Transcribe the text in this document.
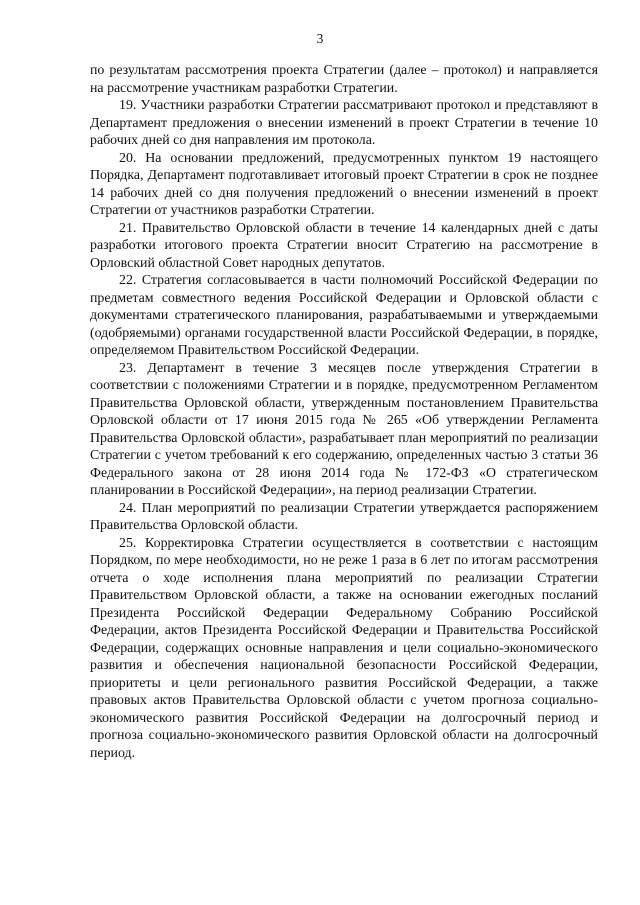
3

по результатам рассмотрения проекта Стратегии (далее – протокол) и направляется на рассмотрение участникам разработки Стратегии.

19. Участники разработки Стратегии рассматривают протокол и представляют в Департамент предложения о внесении изменений в проект Стратегии в течение 10 рабочих дней со дня направления им протокола.

20. На основании предложений, предусмотренных пунктом 19 настоящего Порядка, Департамент подготавливает итоговый проект Стратегии в срок не позднее 14 рабочих дней со дня получения предложений о внесении изменений в проект Стратегии от участников разработки Стратегии.

21. Правительство Орловской области в течение 14 календарных дней с даты разработки итогового проекта Стратегии вносит Стратегию на рассмотрение в Орловский областной Совет народных депутатов.

22. Стратегия согласовывается в части полномочий Российской Федерации по предметам совместного ведения Российской Федерации и Орловской области с документами стратегического планирования, разрабатываемыми и утверждаемыми (одобряемыми) органами государственной власти Российской Федерации, в порядке, определяемом Правительством Российской Федерации.

23. Департамент в течение 3 месяцев после утверждения Стратегии в соответствии с положениями Стратегии и в порядке, предусмотренном Регламентом Правительства Орловской области, утвержденным постановлением Правительства Орловской области от 17 июня 2015 года № 265 «Об утверждении Регламента Правительства Орловской области», разрабатывает план мероприятий по реализации Стратегии с учетом требований к его содержанию, определенных частью 3 статьи 36 Федерального закона от 28 июня 2014 года № 172-ФЗ «О стратегическом планировании в Российской Федерации», на период реализации Стратегии.

24. План мероприятий по реализации Стратегии утверждается распоряжением Правительства Орловской области.

25. Корректировка Стратегии осуществляется в соответствии с настоящим Порядком, по мере необходимости, но не реже 1 раза в 6 лет по итогам рассмотрения отчета о ходе исполнения плана мероприятий по реализации Стратегии Правительством Орловской области, а также на основании ежегодных посланий Президента Российской Федерации Федеральному Собранию Российской Федерации, актов Президента Российской Федерации и Правительства Российской Федерации, содержащих основные направления и цели социально-экономического развития и обеспечения национальной безопасности Российской Федерации, приоритеты и цели регионального развития Российской Федерации, а также правовых актов Правительства Орловской области с учетом прогноза социально-экономического развития Российской Федерации на долгосрочный период и прогноза социально-экономического развития Орловской области на долгосрочный период.
